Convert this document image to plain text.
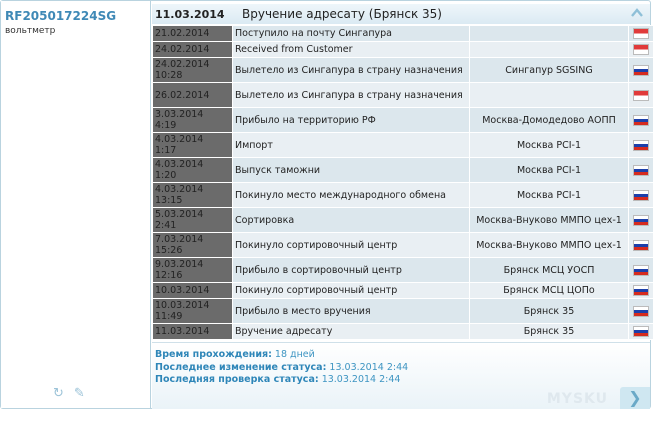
RF205017224SG
вольтметр
↻ ✎
11.03.2014 Вручение адресату (Брянск 35)
21.02.2014	Поступило на почту Сингапура		
24.02.2014	Received from Customer		
24.02.2014
10:28	Вылетело из Сингапура в страну назначения	Сингапур SGSING	
26.02.2014	Вылетело из Сингапура в страну назначения		
3.03.2014
4:19	Прибыло на территорию РФ	Москва-Домодедово АОПП	
4.03.2014
1:17	Импорт	Москва PCI-1	
4.03.2014
1:20	Выпуск таможни	Москва PCI-1	
4.03.2014
13:15	Покинуло место международного обмена	Москва PCI-1	
5.03.2014
2:41	Сортировка	Москва-Внуково ММПО цех-1	
7.03.2014
15:26	Покинуло сортировочный центр	Москва-Внуково ММПО цех-1	
9.03.2014
12:16	Прибыло в сортировочный центр	Брянск МСЦ УОСП	
10.03.2014	Покинуло сортировочный центр	Брянск МСЦ ЦОПо	
10.03.2014
11:49	Прибыло в место вручения	Брянск 35	
11.03.2014	Вручение адресату	Брянск 35	
Время прохождения: 18 дней
Последнее изменение статуса: 13.03.2014 2:44
Последняя проверка статуса: 13.03.2014 2:44
MYSKU	❯
